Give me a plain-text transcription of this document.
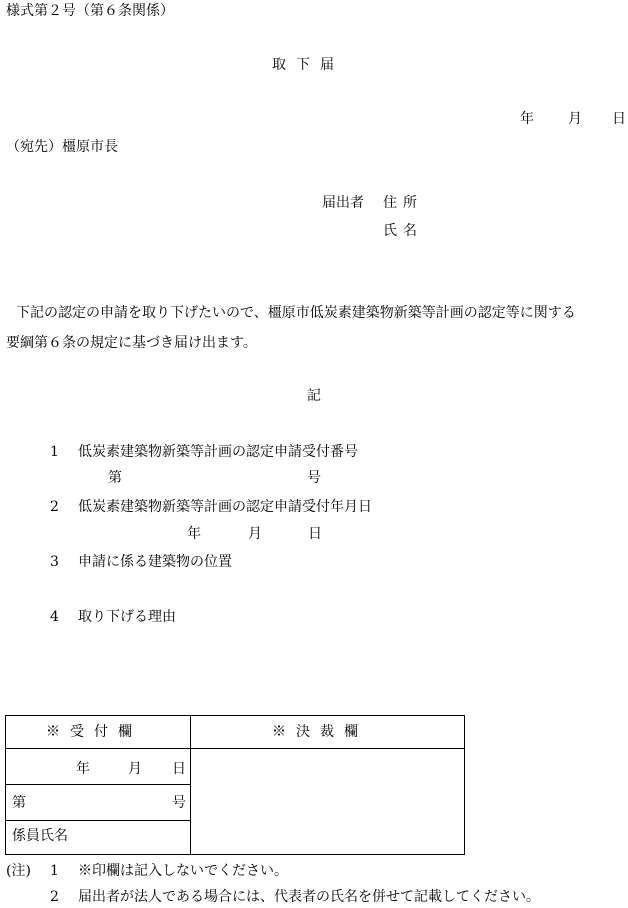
様式第２号（第６条関係）
取下届
年 月 日
（宛先）橿原市長
届出者 住所
氏名
下記の認定の申請を取り下げたいので、橿原市低炭素建築物新築等計画の認定等に関する
要綱第６条の規定に基づき届け出ます。
記
1 低炭素建築物新築等計画の認定申請受付番号
第	号
2 低炭素建築物新築等計画の認定申請受付年月日
年	月	日
3 申請に係る建築物の位置
4 取り下げる理由
※受付欄	※決裁欄
年	月 日
第	号
係員氏名
(注) 1 ※印欄は記入しないでください。
2 届出者が法人である場合には、代表者の氏名を併せて記載してください。
